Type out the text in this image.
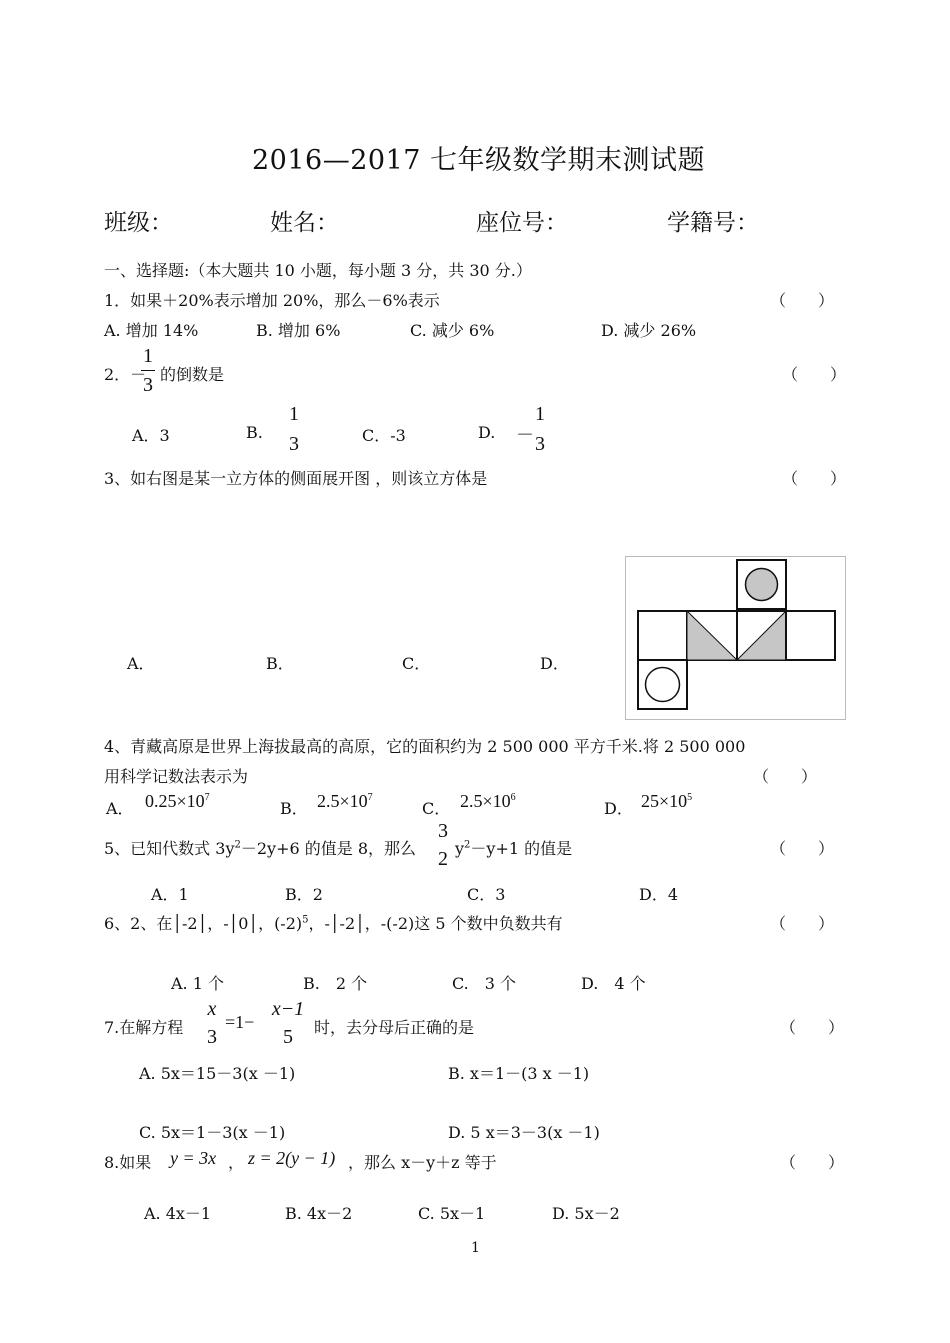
2016—2017 七年级数学期末测试题
班级：	姓名：	座位号：	学籍号：
一、选择题:（本大题共 10 小题，每小题 3 分，共 30 分.）
1．如果＋20%表示增加 20%，那么－6%表示	（　　）
A. 增加 14%	B. 增加 6%	C. 减少 6%	D. 减少 26%
2．－
1
3 的倒数是	（　　）
A．3	B.
1
3	C．-3	D. －
1
3
3、如右图是某一立方体的侧面展开图 ，则该立方体是	（　　）
A．	B．	C．	D．
4、青藏高原是世界上海拔最高的高原，它的面积约为 2 500 000 平方千米.将 2 500 000
用科学记数法表示为	（　　）
A． $0.25\times 10^7$
B． $2.5\times 10^7$
C． $2.5\times 10^6$
D． $25\times 10^5$
5、已知代数式 $3y^2-2y+6$ 的值是 8，那么
3
2 $y^2-y+1$ 的值是	（　　）
A．1	B．2	C．3	D．4
6、2、在│-2│，-│0│，$(-2)^5$，-│-2│，-(-2)这 5 个数中负数共有	（　　）
A. 1 个	B.　2 个	C.　3 个	D.　4 个
7.在解方程
x
3
=1−
x−1
5	时，去分母后正确的是	（　　）
A. 5x＝15－3(x －1)	B. x＝1－(3 x －1)
C. 5x＝1－3(x －1)	D. 5 x＝3－3(x －1)
8.如果 y = 3x ， z = 2(y − 1) ，那么 x－y＋z 等于	（　　）
A. 4x－1	B. 4x－2	C. 5x－1	D. 5x－2
1
